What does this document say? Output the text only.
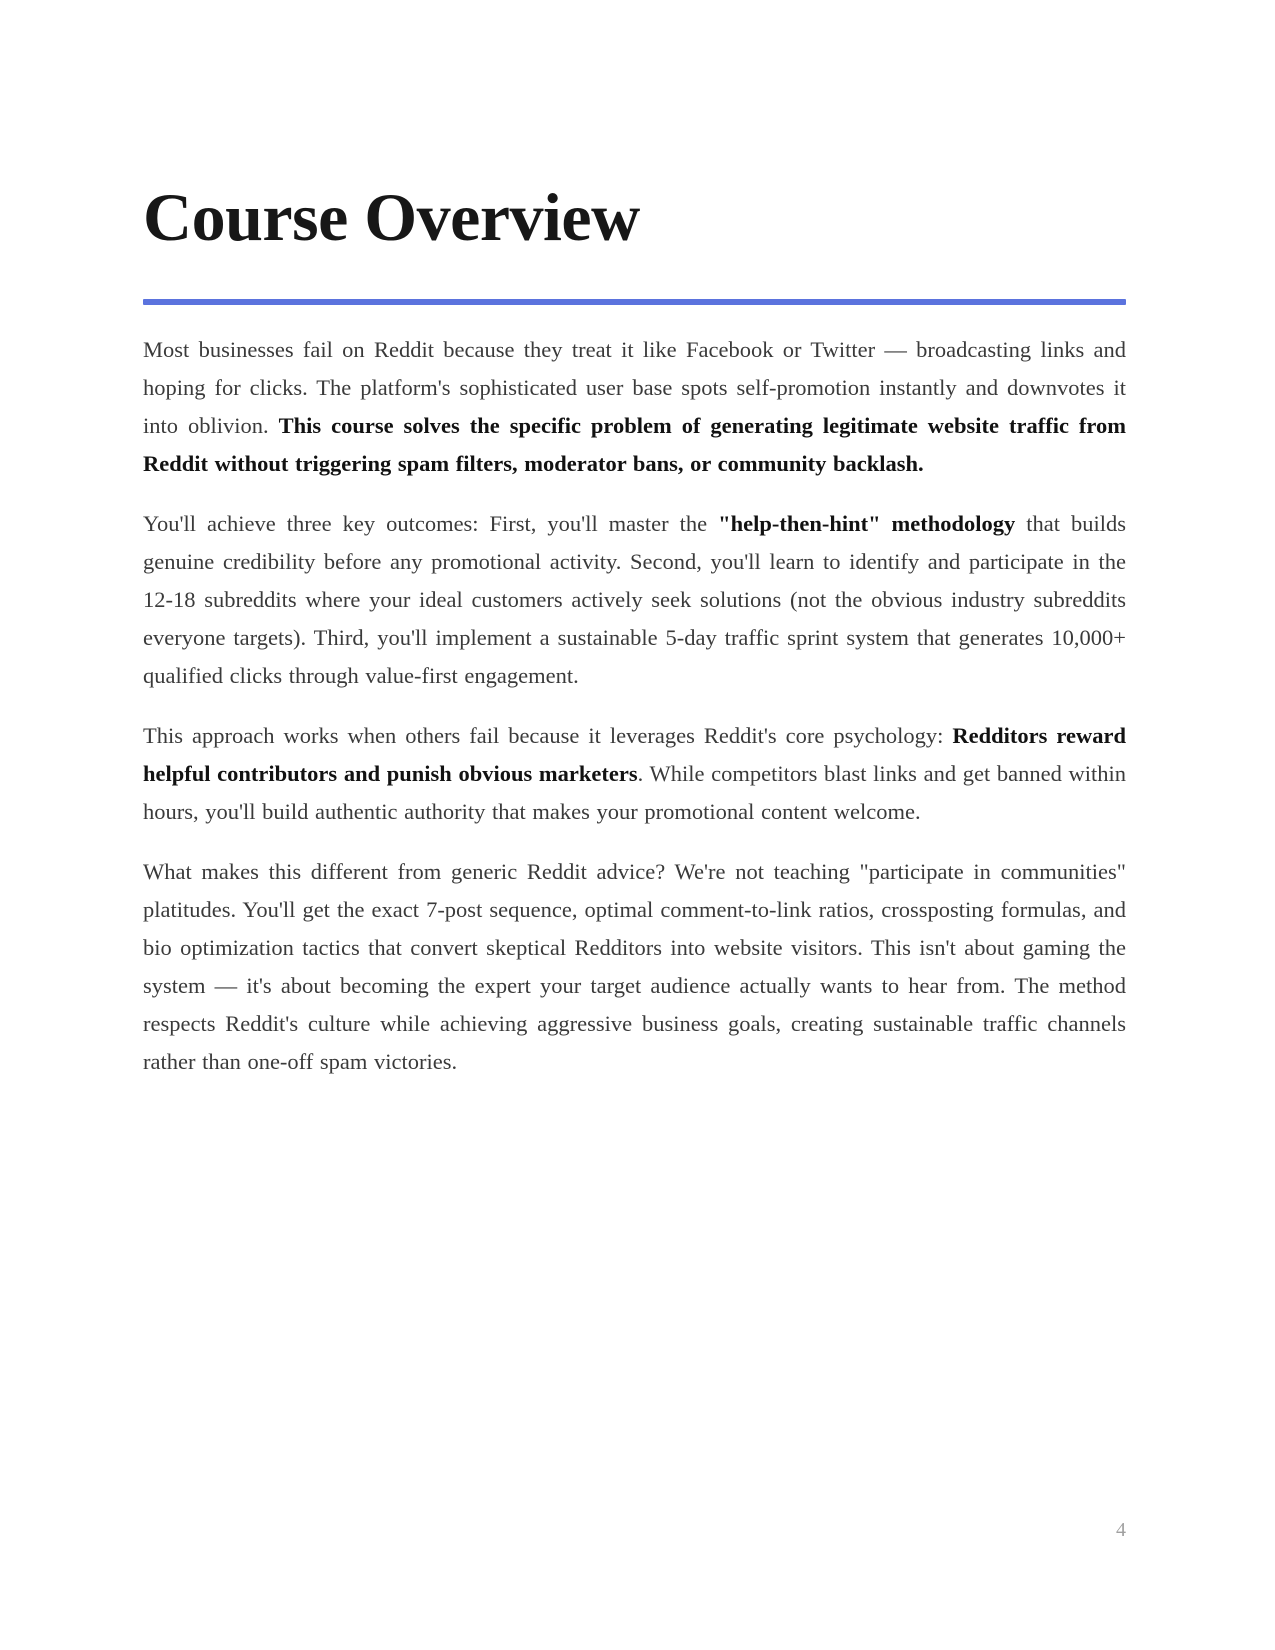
Course Overview

Most businesses fail on Reddit because they treat it like Facebook or Twitter — broadcasting links and hoping for clicks. The platform's sophisticated user base spots self-promotion instantly and downvotes it into oblivion. This course solves the specific problem of generating legitimate website traffic from Reddit without triggering spam filters, moderator bans, or community backlash.

You'll achieve three key outcomes: First, you'll master the "help-then-hint" methodology that builds genuine credibility before any promotional activity. Second, you'll learn to identify and participate in the 12-18 subreddits where your ideal customers actively seek solutions (not the obvious industry subreddits everyone targets). Third, you'll implement a sustainable 5-day traffic sprint system that generates 10,000+ qualified clicks through value-first engagement.

This approach works when others fail because it leverages Reddit's core psychology: Redditors reward helpful contributors and punish obvious marketers. While competitors blast links and get banned within hours, you'll build authentic authority that makes your promotional content welcome.

What makes this different from generic Reddit advice? We're not teaching "participate in communities" platitudes. You'll get the exact 7-post sequence, optimal comment-to-link ratios, crossposting formulas, and bio optimization tactics that convert skeptical Redditors into website visitors. This isn't about gaming the system — it's about becoming the expert your target audience actually wants to hear from. The method respects Reddit's culture while achieving aggressive business goals, creating sustainable traffic channels rather than one-off spam victories.

4
